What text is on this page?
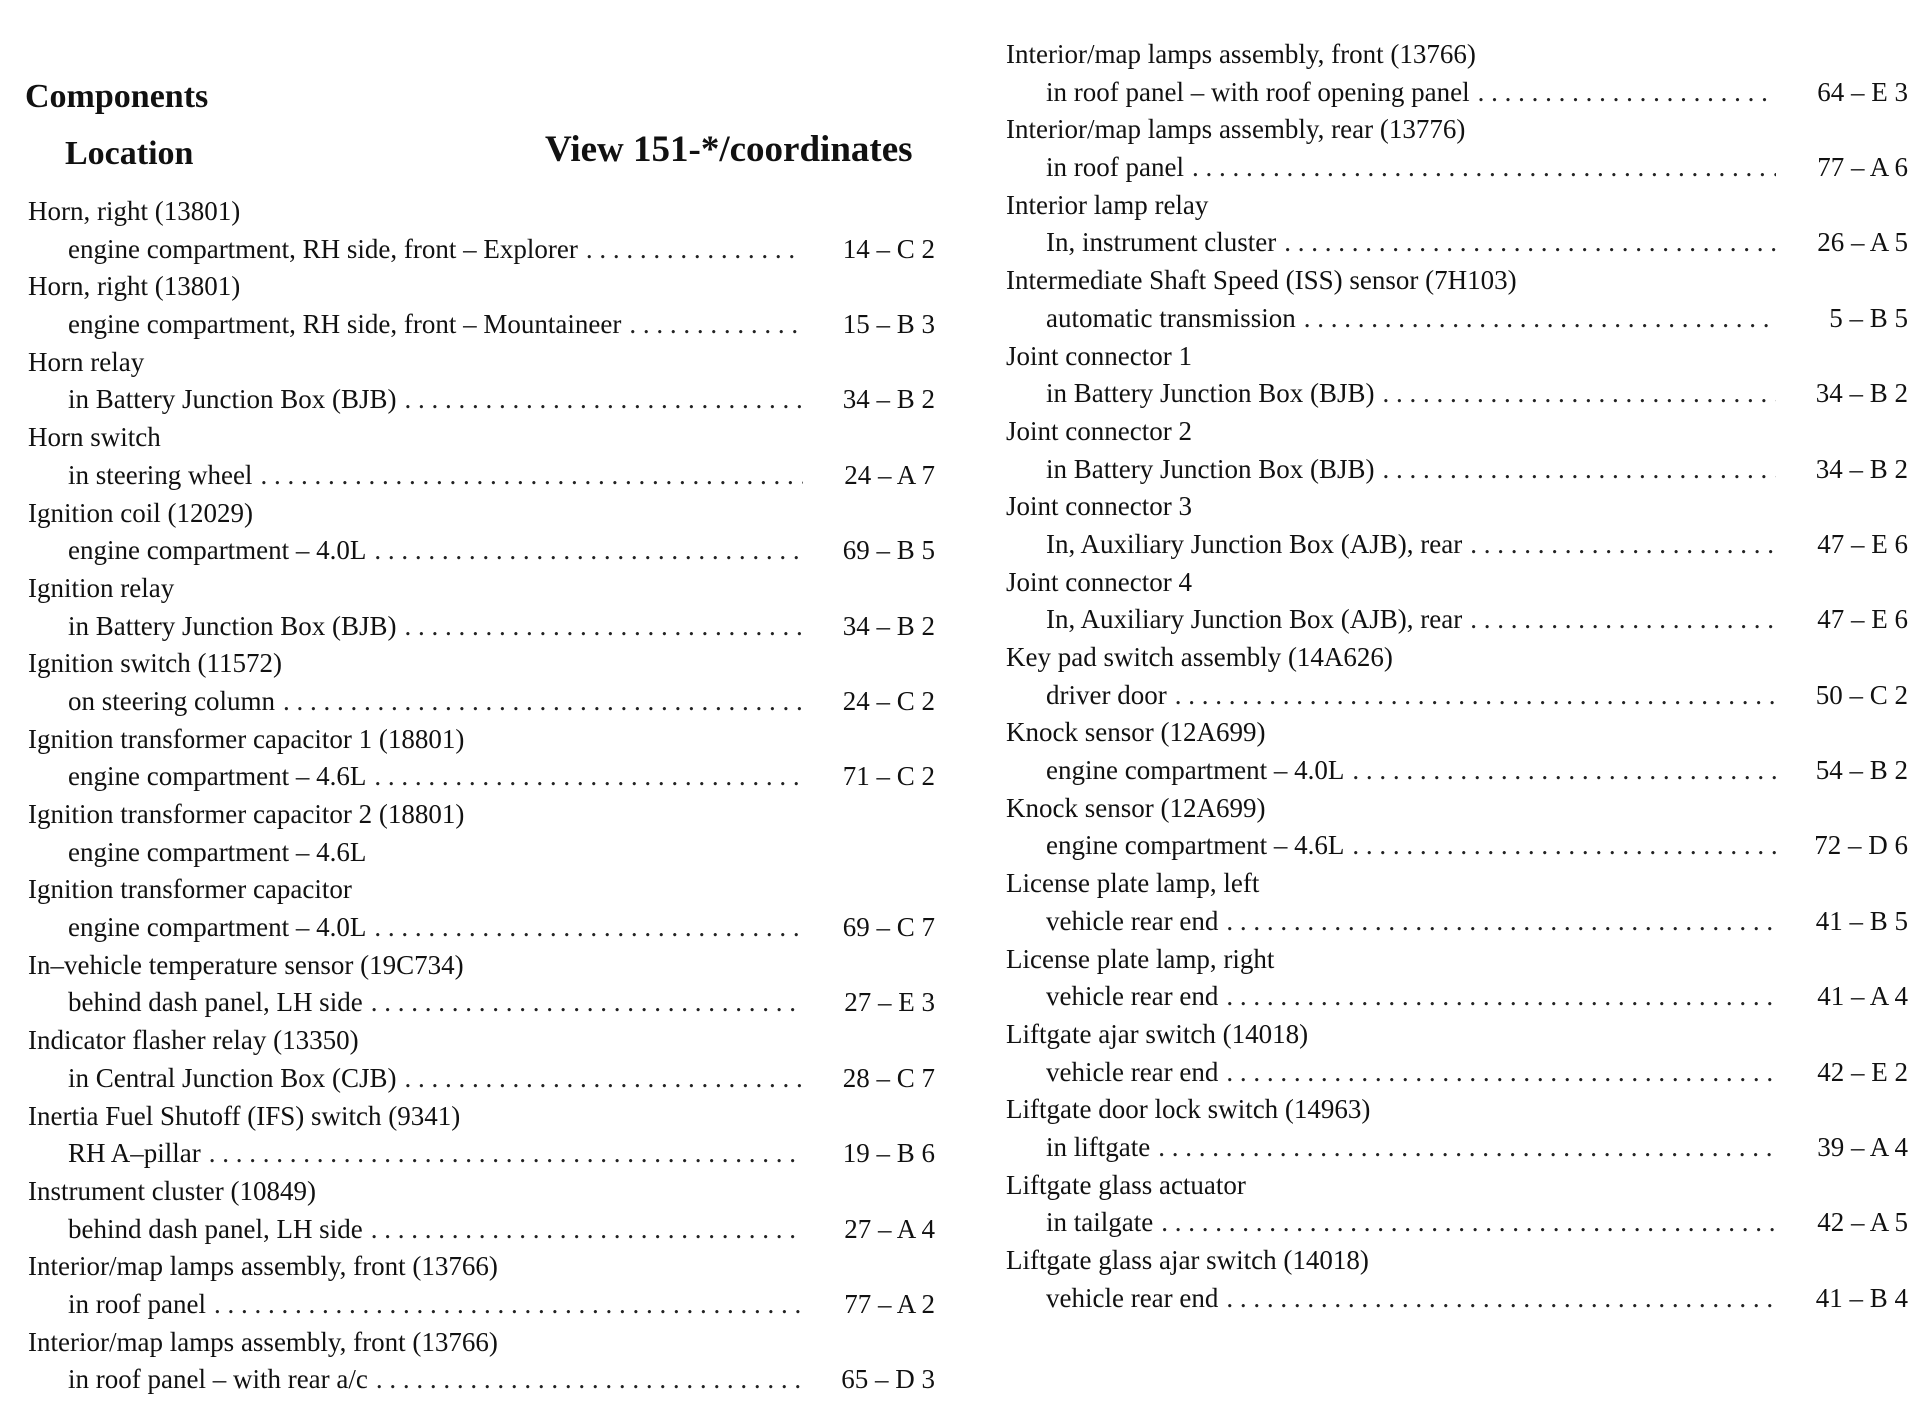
Components
Location	View 151-*/coordinates
Horn, right (13801)
engine compartment, RH side, front – Explorer . . .	14 – C 2
Horn, right (13801)
engine compartment, RH side, front – Mountaineer . . .	15 – B 3
Horn relay
in Battery Junction Box (BJB) . . .	34 – B 2
Horn switch
in steering wheel . . .	24 – A 7
Ignition coil (12029)
engine compartment – 4.0L . . .	69 – B 5
Ignition relay
in Battery Junction Box (BJB) . . .	34 – B 2
Ignition switch (11572)
on steering column . . .	24 – C 2
Ignition transformer capacitor 1 (18801)
engine compartment – 4.6L . . .	71 – C 2
Ignition transformer capacitor 2 (18801)
engine compartment – 4.6L
Ignition transformer capacitor
engine compartment – 4.0L . . .	69 – C 7
In–vehicle temperature sensor (19C734)
behind dash panel, LH side . . .	27 – E 3
Indicator flasher relay (13350)
in Central Junction Box (CJB) . . .	28 – C 7
Inertia Fuel Shutoff (IFS) switch (9341)
RH A–pillar . . .	19 – B 6
Instrument cluster (10849)
behind dash panel, LH side . . .	27 – A 4
Interior/map lamps assembly, front (13766)
in roof panel . . .	77 – A 2
Interior/map lamps assembly, front (13766)
in roof panel – with rear a/c . . .	65 – D 3
Interior/map lamps assembly, front (13766)
in roof panel – with roof opening panel . . .	64 – E 3
Interior/map lamps assembly, rear (13776)
in roof panel . . .	77 – A 6
Interior lamp relay
In, instrument cluster . . .	26 – A 5
Intermediate Shaft Speed (ISS) sensor (7H103)
automatic transmission . . .	5 – B 5
Joint connector 1
in Battery Junction Box (BJB) . . .	34 – B 2
Joint connector 2
in Battery Junction Box (BJB) . . .	34 – B 2
Joint connector 3
In, Auxiliary Junction Box (AJB), rear . . .	47 – E 6
Joint connector 4
In, Auxiliary Junction Box (AJB), rear . . .	47 – E 6
Key pad switch assembly (14A626)
driver door . . .	50 – C 2
Knock sensor (12A699)
engine compartment – 4.0L . . .	54 – B 2
Knock sensor (12A699)
engine compartment – 4.6L . . .	72 – D 6
License plate lamp, left
vehicle rear end . . .	41 – B 5
License plate lamp, right
vehicle rear end . . .	41 – A 4
Liftgate ajar switch (14018)
vehicle rear end . . .	42 – E 2
Liftgate door lock switch (14963)
in liftgate . . .	39 – A 4
Liftgate glass actuator
in tailgate . . .	42 – A 5
Liftgate glass ajar switch (14018)
vehicle rear end . . .	41 – B 4
